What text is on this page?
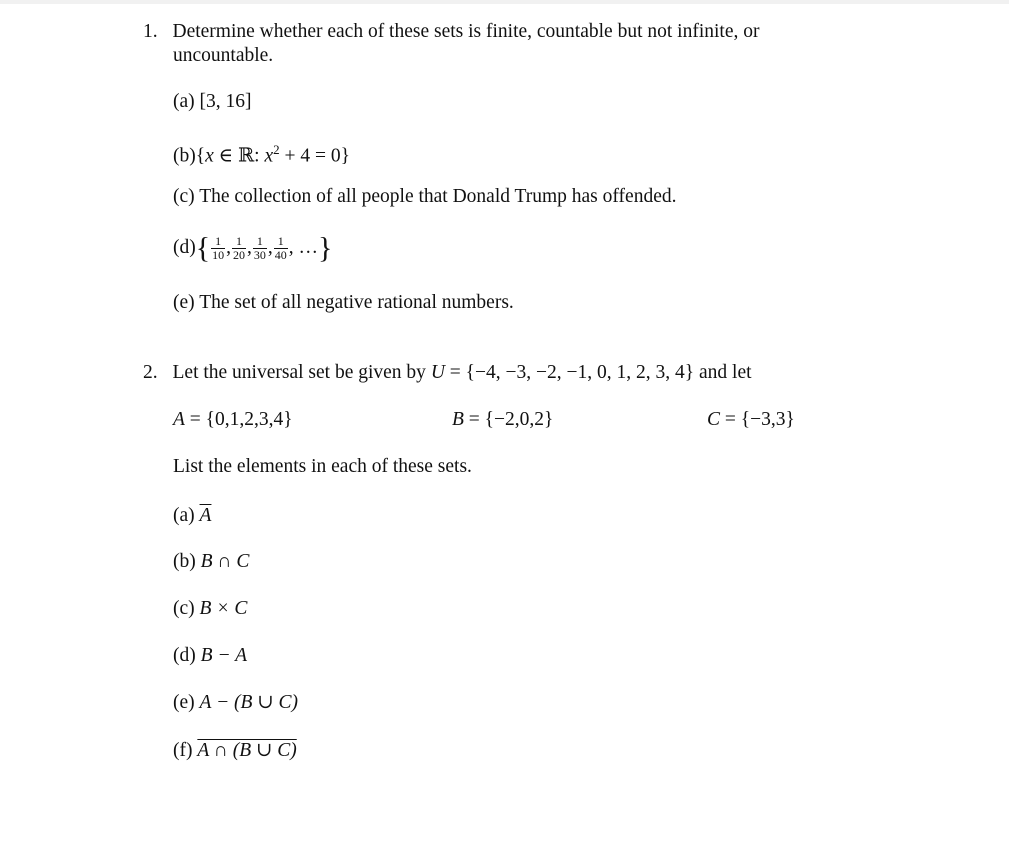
1. Determine whether each of these sets is finite, countable but not infinite, or
uncountable.
(a) [3, 16]
(b){x ∈ ℝ: $x^2 + 4 = 0$}
(c) The collection of all people that Donald Trump has offended.
$(d)\{ \frac{1}{10}$ , $\frac{1}{20}$ , $\frac{1}{30}$ , $\frac{1}{40}$ , …}
(e) The set of all negative rational numbers.
2. Let the universal set be given by U = {−4, −3, −2, −1, 0, 1, 2, 3, 4} and let
A = {0,1,2,3,4}	B = {−2,0,2}	C = {−3,3}
List the elements in each of these sets.
(a) $\overline{A}$
(b) B ∩ C
(c) B × C
(d) B − A
(e) A − (B ∪ C)
(f) A ∩ (B ∪ C)
